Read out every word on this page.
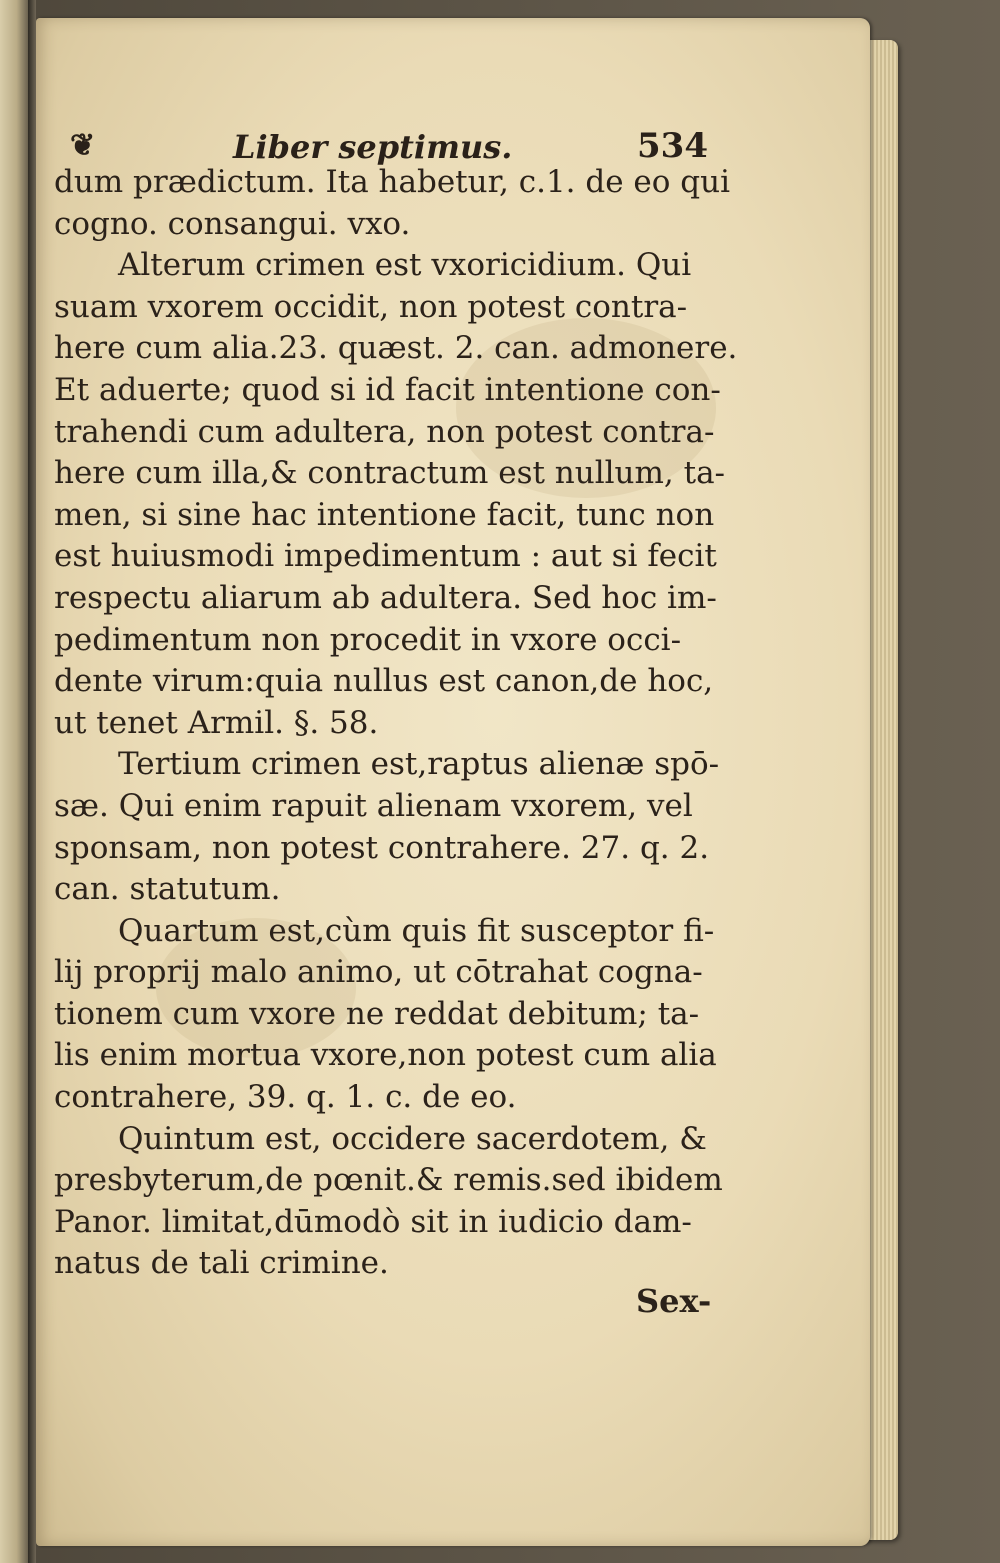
❦	Liber septimus.	534
dum prædictum. Ita habetur, c.1. de eo qui
cogno. consangui. vxo.
Alterum crimen est vxoricidium. Qui
suam vxorem occidit, non potest contra-
here cum alia.23. quæst. 2. can. admonere.
Et aduerte; quod si id facit intentione con-
trahendi cum adultera, non potest contra-
here cum illa,& contractum est nullum, ta-
men, si sine hac intentione facit, tunc non
est huiusmodi impedimentum : aut si fecit
respectu aliarum ab adultera. Sed hoc im-
pedimentum non procedit in vxore occi-
dente virum:quia nullus est canon,de hoc,
ut tenet Armil. §. 58.
Tertium crimen est,raptus alienæ spō-
sæ. Qui enim rapuit alienam vxorem, vel
sponsam, non potest contrahere. 27. q. 2.
can. statutum.
Quartum est,cùm quis fit susceptor fi-
lij proprij malo animo, ut cōtrahat cogna-
tionem cum vxore ne reddat debitum; ta-
lis enim mortua vxore,non potest cum alia
contrahere, 39. q. 1. c. de eo.
Quintum est, occidere sacerdotem, &
presbyterum,de pœnit.& remis.sed ibidem
Panor. limitat,dūmodò sit in iudicio dam-
natus de tali crimine.
Sex-
